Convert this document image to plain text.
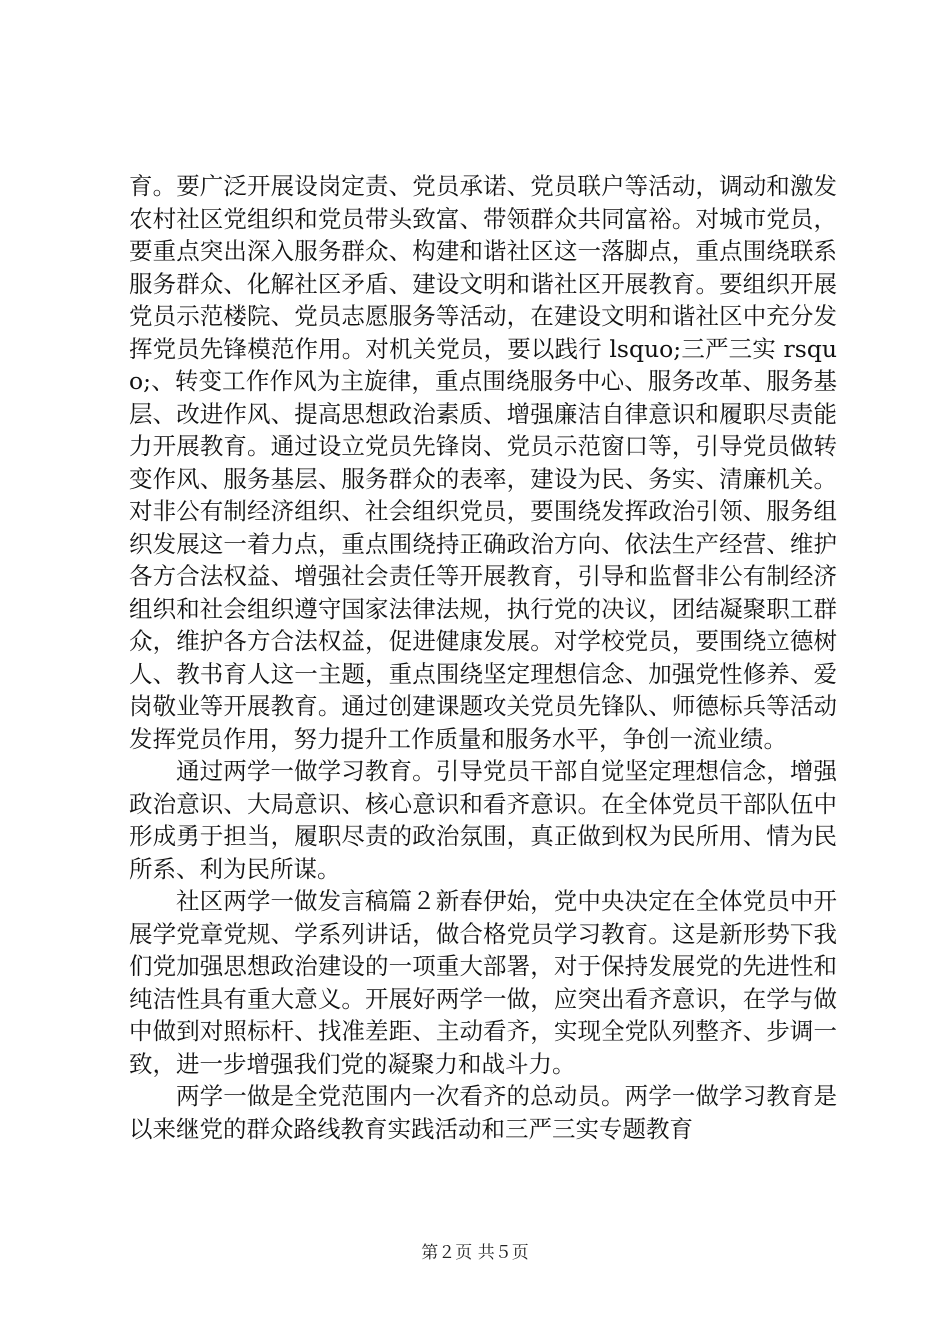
育。要广泛开展设岗定责、党员承诺、党员联户等活动，调动和激发农村社区党组织和党员带头致富、带领群众共同富裕。对城市党员，要重点突出深入服务群众、构建和谐社区这一落脚点，重点围绕联系服务群众、化解社区矛盾、建设文明和谐社区开展教育。要组织开展党员示范楼院、党员志愿服务等活动，在建设文明和谐社区中充分发挥党员先锋模范作用。对机关党员，要以践行 lsquo;三严三实 rsquo;、转变工作作风为主旋律，重点围绕服务中心、服务改革、服务基层、改进作风、提高思想政治素质、增强廉洁自律意识和履职尽责能力开展教育。通过设立党员先锋岗、党员示范窗口等，引导党员做转变作风、服务基层、服务群众的表率，建设为民、务实、清廉机关。对非公有制经济组织、社会组织党员，要围绕发挥政治引领、服务组织发展这一着力点，重点围绕持正确政治方向、依法生产经营、维护各方合法权益、增强社会责任等开展教育，引导和监督非公有制经济组织和社会组织遵守国家法律法规，执行党的决议，团结凝聚职工群众，维护各方合法权益，促进健康发展。对学校党员，要围绕立德树人、教书育人这一主题，重点围绕坚定理想信念、加强党性修养、爱岗敬业等开展教育。通过创建课题攻关党员先锋队、师德标兵等活动发挥党员作用，努力提升工作质量和服务水平，争创一流业绩。

通过两学一做学习教育。引导党员干部自觉坚定理想信念，增强政治意识、大局意识、核心意识和看齐意识。在全体党员干部队伍中形成勇于担当，履职尽责的政治氛围，真正做到权为民所用、情为民所系、利为民所谋。

社区两学一做发言稿篇２新春伊始，党中央决定在全体党员中开展学党章党规、学系列讲话，做合格党员学习教育。这是新形势下我们党加强思想政治建设的一项重大部署，对于保持发展党的先进性和纯洁性具有重大意义。开展好两学一做，应突出看齐意识，在学与做中做到对照标杆、找准差距、主动看齐，实现全党队列整齐、步调一致，进一步增强我们党的凝聚力和战斗力。

两学一做是全党范围内一次看齐的总动员。两学一做学习教育是以来继党的群众路线教育实践活动和三严三实专题教育

第２页 共５页
